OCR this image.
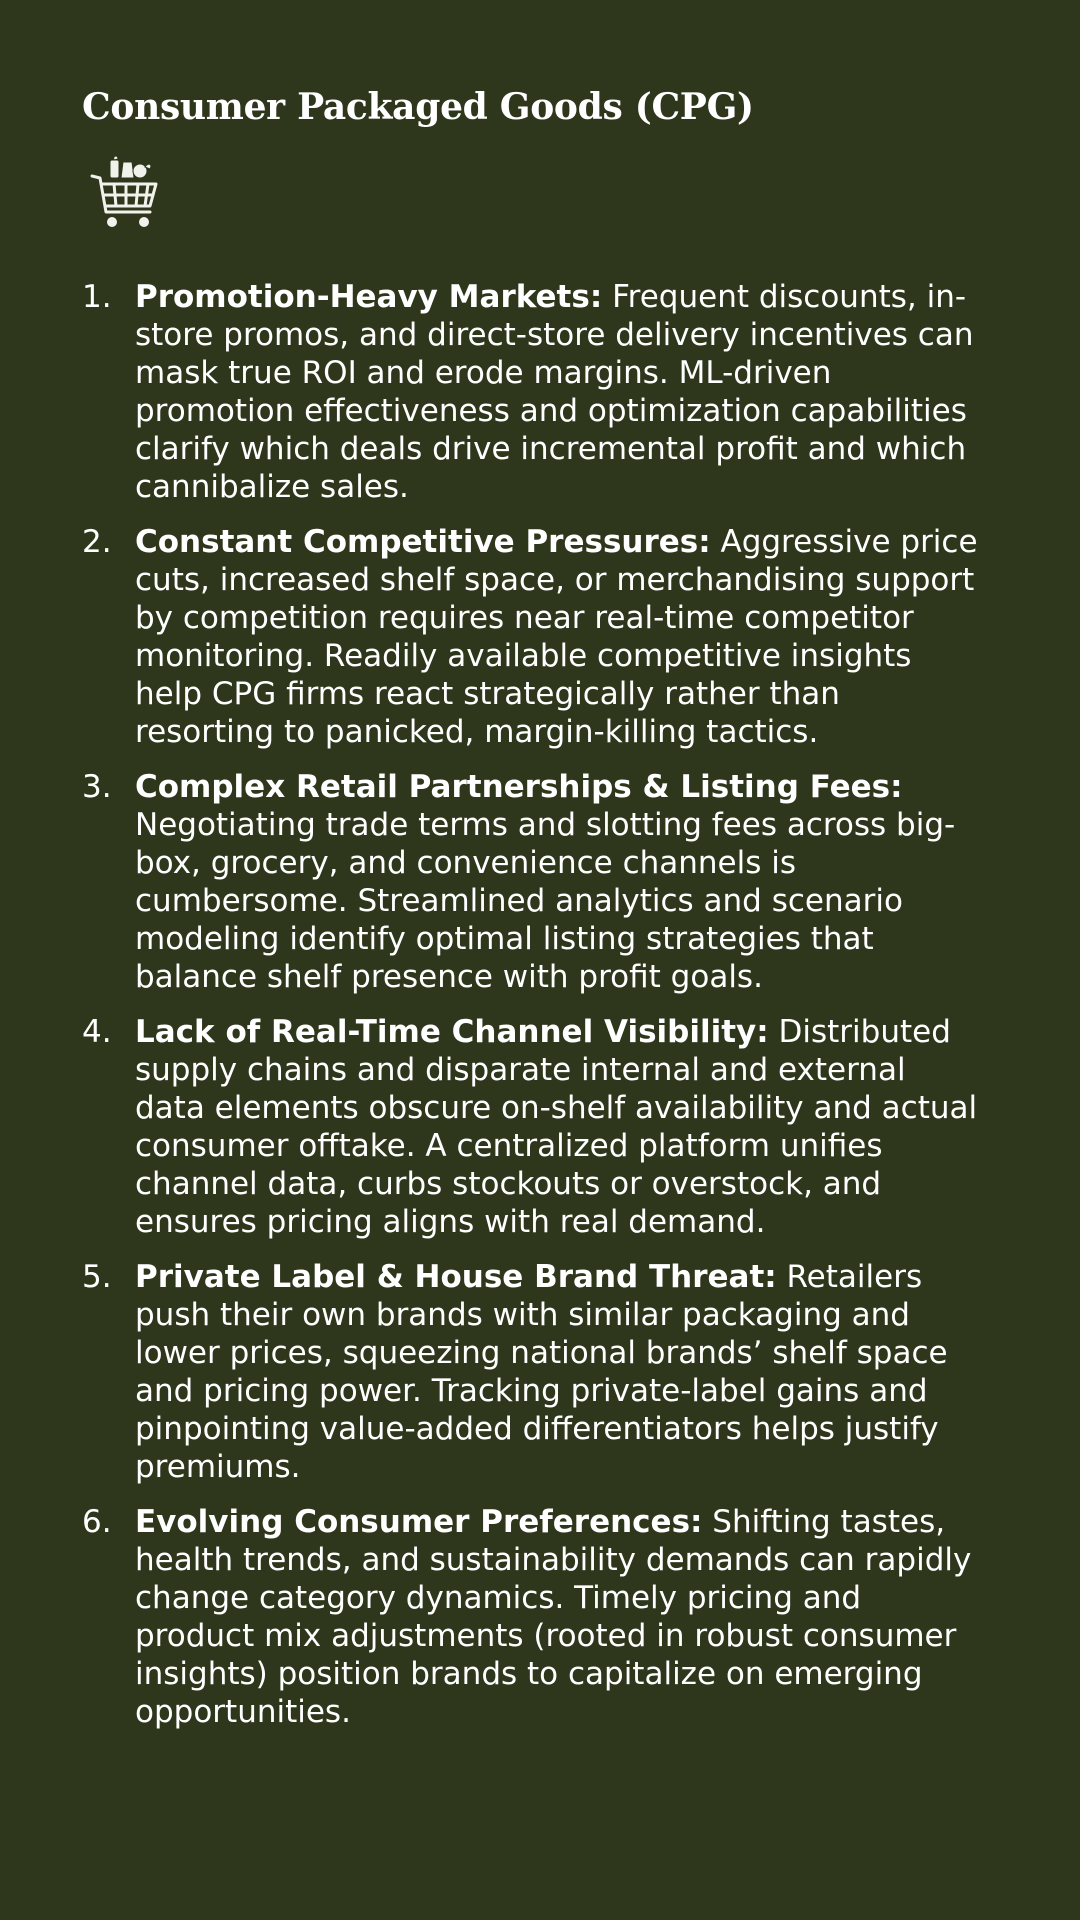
Consumer Packaged Goods (CPG)
1. Promotion-Heavy Markets: Frequent discounts, in-store promos, and direct-store delivery incentives can mask true ROI and erode margins. ML-driven promotion effectiveness and optimization capabilities clarify which deals drive incremental profit and which cannibalize sales.
2. Constant Competitive Pressures: Aggressive price cuts, increased shelf space, or merchandising support by competition requires near real-time competitor monitoring. Readily available competitive insights help CPG firms react strategically rather than resorting to panicked, margin-killing tactics.
3. Complex Retail Partnerships & Listing Fees: Negotiating trade terms and slotting fees across big-box, grocery, and convenience channels is cumbersome. Streamlined analytics and scenario modeling identify optimal listing strategies that balance shelf presence with profit goals.
4. Lack of Real-Time Channel Visibility: Distributed supply chains and disparate internal and external data elements obscure on-shelf availability and actual consumer offtake. A centralized platform unifies channel data, curbs stockouts or overstock, and ensures pricing aligns with real demand.
5. Private Label & House Brand Threat: Retailers push their own brands with similar packaging and lower prices, squeezing national brands’ shelf space and pricing power. Tracking private-label gains and pinpointing value-added differentiators helps justify premiums.
6. Evolving Consumer Preferences: Shifting tastes, health trends, and sustainability demands can rapidly change category dynamics. Timely pricing and product mix adjustments (rooted in robust consumer insights) position brands to capitalize on emerging opportunities.
